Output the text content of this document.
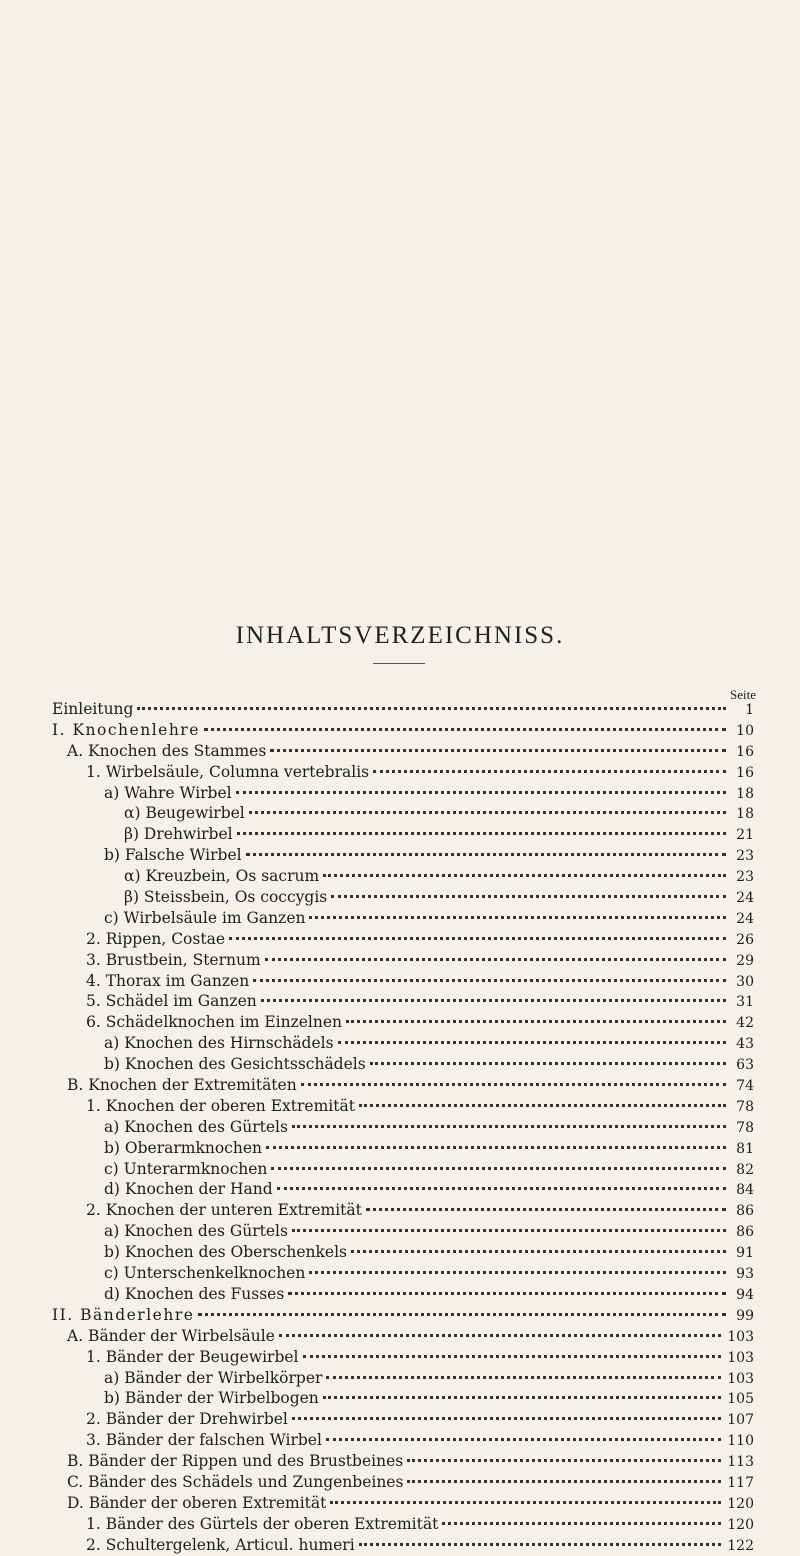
INHALTSVERZEICHNISS.
Seite
Einleitung	1
I. Knochenlehre	10
A. Knochen des Stammes	16
1. Wirbelsäule, Columna vertebralis	16
a) Wahre Wirbel	18
α) Beugewirbel	18
β) Drehwirbel	21
b) Falsche Wirbel	23
α) Kreuzbein, Os sacrum	23
β) Steissbein, Os coccygis	24
c) Wirbelsäule im Ganzen	24
2. Rippen, Costae	26
3. Brustbein, Sternum	29
4. Thorax im Ganzen	30
5. Schädel im Ganzen	31
6. Schädelknochen im Einzelnen	42
a) Knochen des Hirnschädels	43
b) Knochen des Gesichtsschädels	63
B. Knochen der Extremitäten	74
1. Knochen der oberen Extremität	78
a) Knochen des Gürtels	78
b) Oberarmknochen	81
c) Unterarmknochen	82
d) Knochen der Hand	84
2. Knochen der unteren Extremität	86
a) Knochen des Gürtels	86
b) Knochen des Oberschenkels	91
c) Unterschenkelknochen	93
d) Knochen des Fusses	94
II. Bänderlehre	99
A. Bänder der Wirbelsäule	103
1. Bänder der Beugewirbel	103
a) Bänder der Wirbelkörper	103
b) Bänder der Wirbelbogen	105
2. Bänder der Drehwirbel	107
3. Bänder der falschen Wirbel	110
B. Bänder der Rippen und des Brustbeines	113
C. Bänder des Schädels und Zungenbeines	117
D. Bänder der oberen Extremität	120
1. Bänder des Gürtels der oberen Extremität	120
2. Schultergelenk, Articul. humeri	122
